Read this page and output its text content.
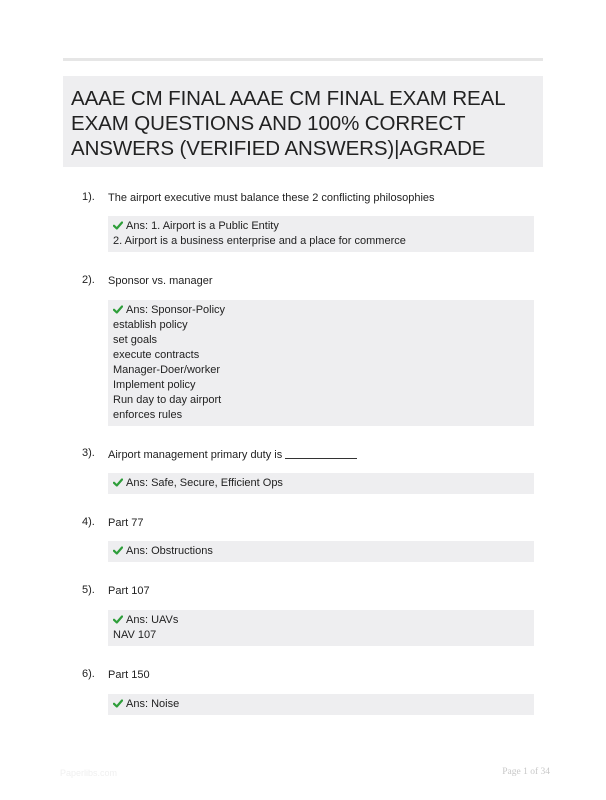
AAAE CM FINAL AAAE CM FINAL EXAM REAL EXAM QUESTIONS AND 100% CORRECT ANSWERS (VERIFIED ANSWERS)|AGRADE
1). The airport executive must balance these 2 conflicting philosophies
Ans: 1. Airport is a Public Entity
2. Airport is a business enterprise and a place for commerce
2). Sponsor vs. manager
Ans: Sponsor-Policy
establish policy
set goals
execute contracts
Manager-Doer/worker
Implement policy
Run day to day airport
enforces rules
3). Airport management primary duty is
Ans: Safe, Secure, Efficient Ops
4). Part 77
Ans: Obstructions
5). Part 107
Ans: UAVs
NAV 107
6). Part 150
Ans: Noise
Paperlibs.com	Page 1 of 34
